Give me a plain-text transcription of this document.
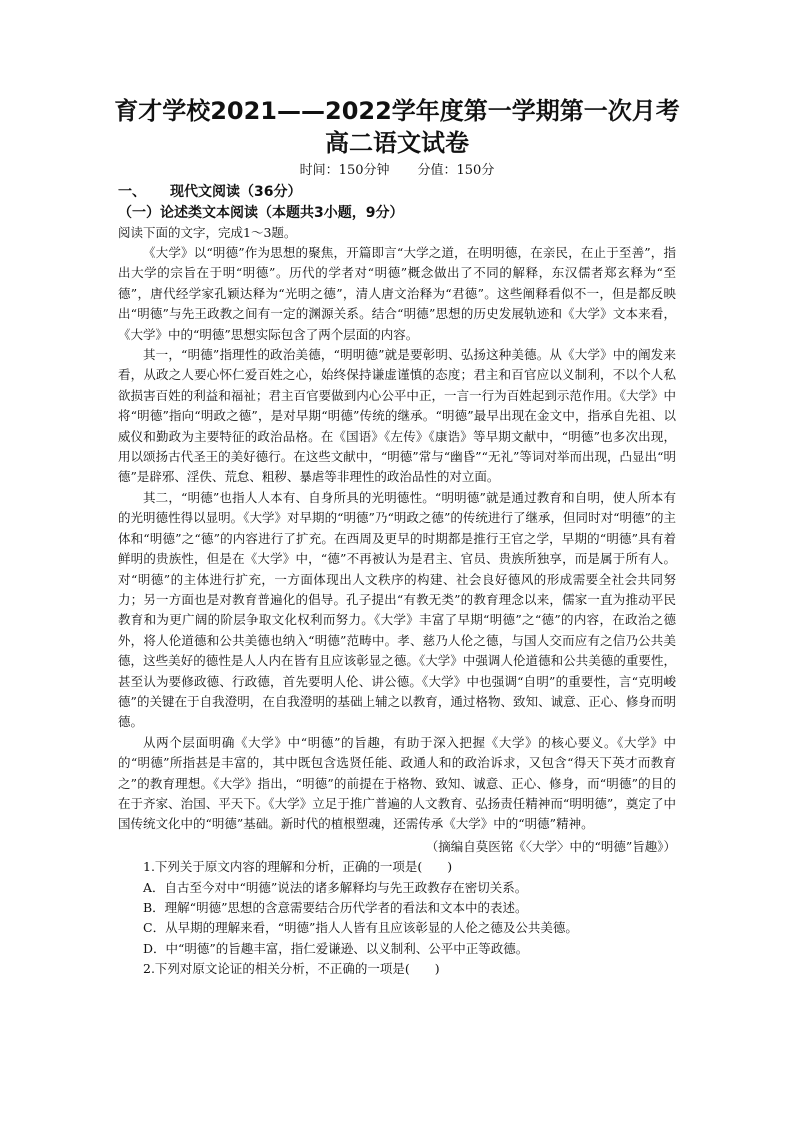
育才学校2021——2022学年度第一学期第一次月考
高二语文试卷
时间：150分钟 分值：150分
一、 现代文阅读（36分）
（一）论述类文本阅读（本题共3小题，9分）
阅读下面的文字，完成1～3题。

《大学》以“明德”作为思想的聚焦，开篇即言“大学之道，在明明德，在亲民，在止于至善”，指出大学的宗旨在于明“明德”。历代的学者对“明德”概念做出了不同的解释，东汉儒者郑玄释为“至德”，唐代经学家孔颖达释为“光明之德”，清人唐文治释为“君德”。这些阐释看似不一，但是都反映出“明德”与先王政教之间有一定的渊源关系。结合“明德”思想的历史发展轨迹和《大学》文本来看，《大学》中的“明德”思想实际包含了两个层面的内容。

其一，“明德”指理性的政治美德，“明明德”就是要彰明、弘扬这种美德。从《大学》中的阐发来看，从政之人要心怀仁爱百姓之心，始终保持谦虚谨慎的态度；君主和百官应以义制利，不以个人私欲损害百姓的利益和福祉；君主百官要做到内心公平中正，一言一行为百姓起到示范作用。《大学》中将“明德”指向“明政之德”，是对早期“明德”传统的继承。“明德”最早出现在金文中，指承自先祖、以威仪和勤政为主要特征的政治品格。在《国语》《左传》《康诰》等早期文献中，“明德”也多次出现，用以颂扬古代圣王的美好德行。在这些文献中，“明德”常与“幽昏”“无礼”等词对举而出现，凸显出“明德”是辟邪、淫佚、荒怠、粗秽、暴虐等非理性的政治品性的对立面。

其二，“明德”也指人人本有、自身所具的光明德性。“明明德”就是通过教育和自明，使人所本有的光明德性得以显明。《大学》对早期的“明德”乃“明政之德”的传统进行了继承，但同时对“明德”的主体和“明德”之“德”的内容进行了扩充。在西周及更早的时期都是推行王官之学，早期的“明德”具有着鲜明的贵族性，但是在《大学》中，“德”不再被认为是君主、官员、贵族所独享，而是属于所有人。对“明德”的主体进行扩充，一方面体现出人文秩序的构建、社会良好德风的形成需要全社会共同努力；另一方面也是对教育普遍化的倡导。孔子提出“有教无类”的教育理念以来，儒家一直为推动平民教育和为更广阔的阶层争取文化权利而努力。《大学》丰富了早期“明德”之“德”的内容，在政治之德外，将人伦道德和公共美德也纳入“明德”范畴中。孝、慈乃人伦之德，与国人交而应有之信乃公共美德，这些美好的德性是人人内在皆有且应该彰显之德。《大学》中强调人伦道德和公共美德的重要性，甚至认为要修政德、行政德，首先要明人伦、讲公德。《大学》中也强调“自明”的重要性，言“克明峻德”的关键在于自我澄明，在自我澄明的基础上辅之以教育，通过格物、致知、诚意、正心、修身而明德。

从两个层面明确《大学》中“明德”的旨趣，有助于深入把握《大学》的核心要义。《大学》中的“明德”所指甚是丰富的，其中既包含选贤任能、政通人和的政治诉求，又包含“得天下英才而教育之”的教育理想。《大学》指出，“明德”的前提在于格物、致知、诚意、正心、修身，而“明德”的目的在于齐家、治国、平天下。《大学》立足于推广普遍的人文教育、弘扬责任精神而“明明德”，奠定了中国传统文化中的“明德”基础。新时代的植根塑魂，还需传承《大学》中的“明德”精神。

（摘编自莫医铭《〈大学〉中的“明德”旨趣》）

1.下列关于原文内容的理解和分析，正确的一项是(　　)

A．自古至今对中“明德”说法的诸多解释均与先王政教存在密切关系。

B．理解“明德”思想的含意需要结合历代学者的看法和文本中的表述。

C．从早期的理解来看，“明德”指人人皆有且应该彰显的人伦之德及公共美德。

D．中“明德”的旨趣丰富，指仁爱谦逊、以义制利、公平中正等政德。

2.下列对原文论证的相关分析，不正确的一项是(　　)
